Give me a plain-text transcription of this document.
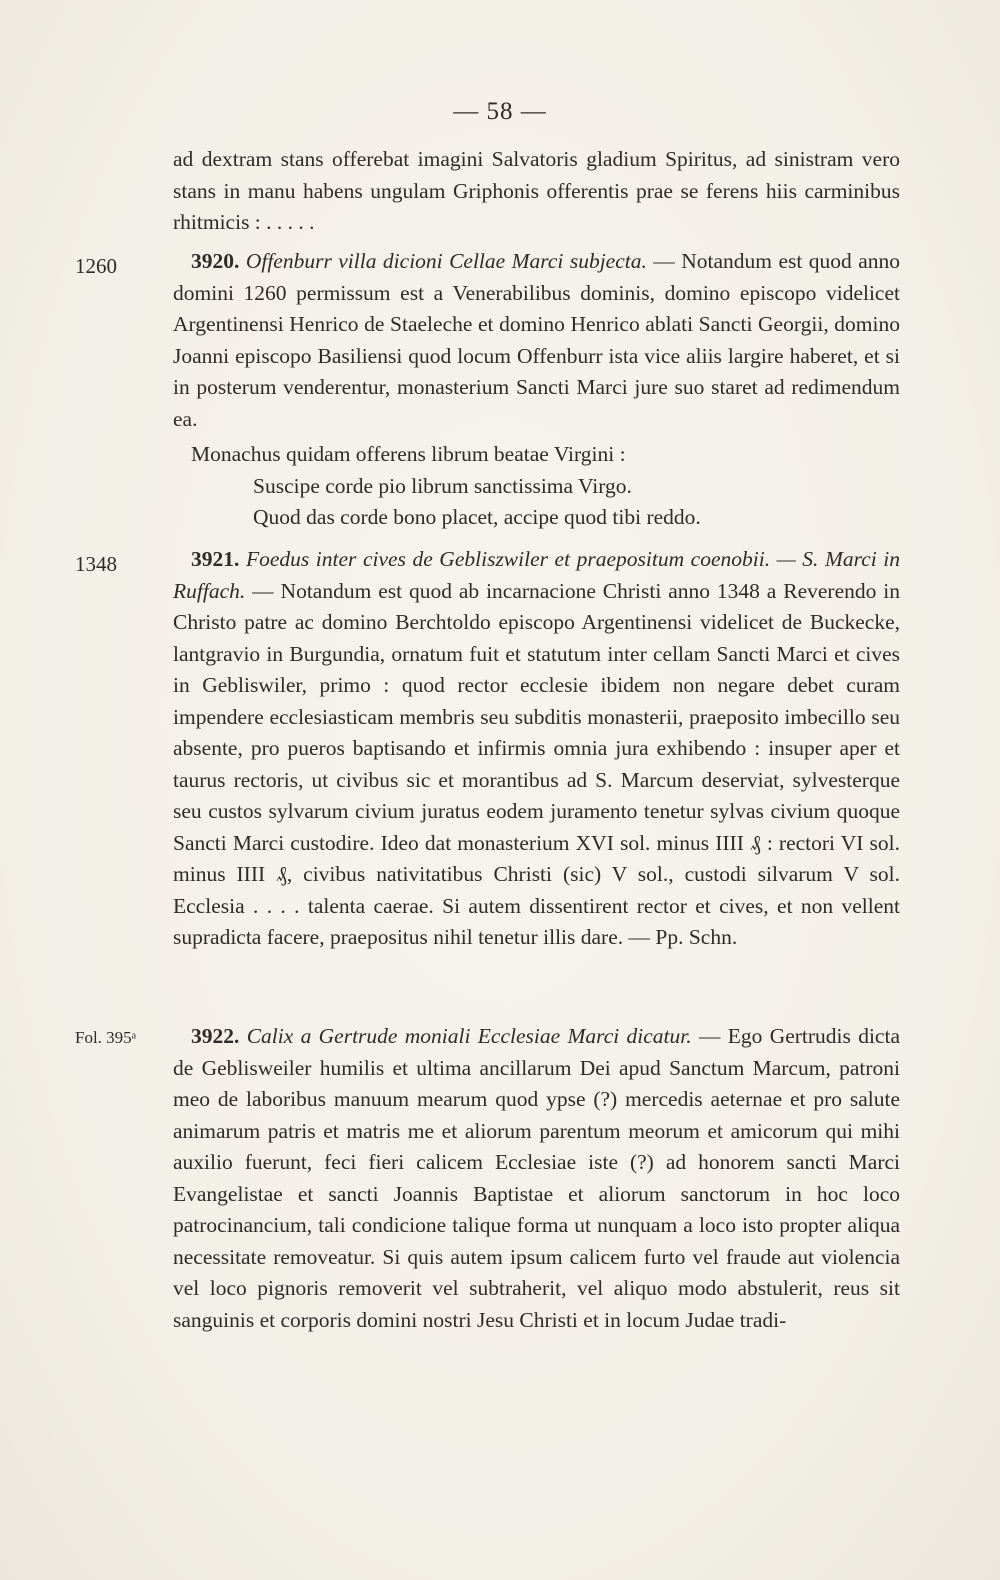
— 58 —
1260
1348
Fol. 395ᵃ

ad dextram stans offerebat imagini Salvatoris gladium Spiritus, ad sinistram vero stans in manu habens ungulam Griphonis offerentis prae se ferens hiis carminibus rhitmicis : . . . . .

3920. Offenburr villa dicioni Cellae Marci subjecta. — Notandum est quod anno domini 1260 permissum est a Venerabilibus dominis, domino episcopo videlicet Argentinensi Henrico de Staeleche et domino Henrico ablati Sancti Georgii, domino Joanni episcopo Basiliensi quod locum Offenburr ista vice aliis largire haberet, et si in posterum venderentur, monasterium Sancti Marci jure suo staret ad redimendum ea.

Monachus quidam offerens librum beatae Virgini :

Suscipe corde pio librum sanctissima Virgo.

Quod das corde bono placet, accipe quod tibi reddo.

3921. Foedus inter cives de Gebliszwiler et praepositum coenobii. — S. Marci in Ruffach. — Notandum est quod ab incarnacione Christi anno 1348 a Reverendo in Christo patre ac domino Berchtoldo episcopo Argentinensi videlicet de Buckecke, lantgravio in Burgundia, ornatum fuit et statutum inter cellam Sancti Marci et cives in Gebliswiler, primo : quod rector ecclesie ibidem non negare debet curam impendere ecclesiasticam membris seu subditis monasterii, praeposito imbecillo seu absente, pro pueros baptisando et infirmis omnia jura exhibendo : insuper aper et taurus rectoris, ut civibus sic et morantibus ad S. Marcum deserviat, sylvesterque seu custos sylvarum civium juratus eodem juramento tenetur sylvas civium quoque Sancti Marci custodire. Ideo dat monasterium XVI sol. minus IIII ₰ : rectori VI sol. minus IIII ₰, civibus nativitatibus Christi (sic) V sol., custodi silvarum V sol. Ecclesia . . . . talenta caerae. Si autem dissentirent rector et cives, et non vellent supradicta facere, praepositus nihil tenetur illis dare. — Pp. Schn.

3922. Calix a Gertrude moniali Ecclesiae Marci dicatur. — Ego Gertrudis dicta de Geblisweiler humilis et ultima ancillarum Dei apud Sanctum Marcum, patroni meo de laboribus manuum mearum quod ypse (?) mercedis aeternae et pro salute animarum patris et matris me et aliorum parentum meorum et amicorum qui mihi auxilio fuerunt, feci fieri calicem Ecclesiae iste (?) ad honorem sancti Marci Evangelistae et sancti Joannis Baptistae et aliorum sanctorum in hoc loco patrocinancium, tali condicione talique forma ut nunquam a loco isto propter aliqua necessitate removeatur. Si quis autem ipsum calicem furto vel fraude aut violencia vel loco pignoris removerit vel subtraherit, vel aliquo modo abstulerit, reus sit sanguinis et corporis domini nostri Jesu Christi et in locum Judae tradi-
